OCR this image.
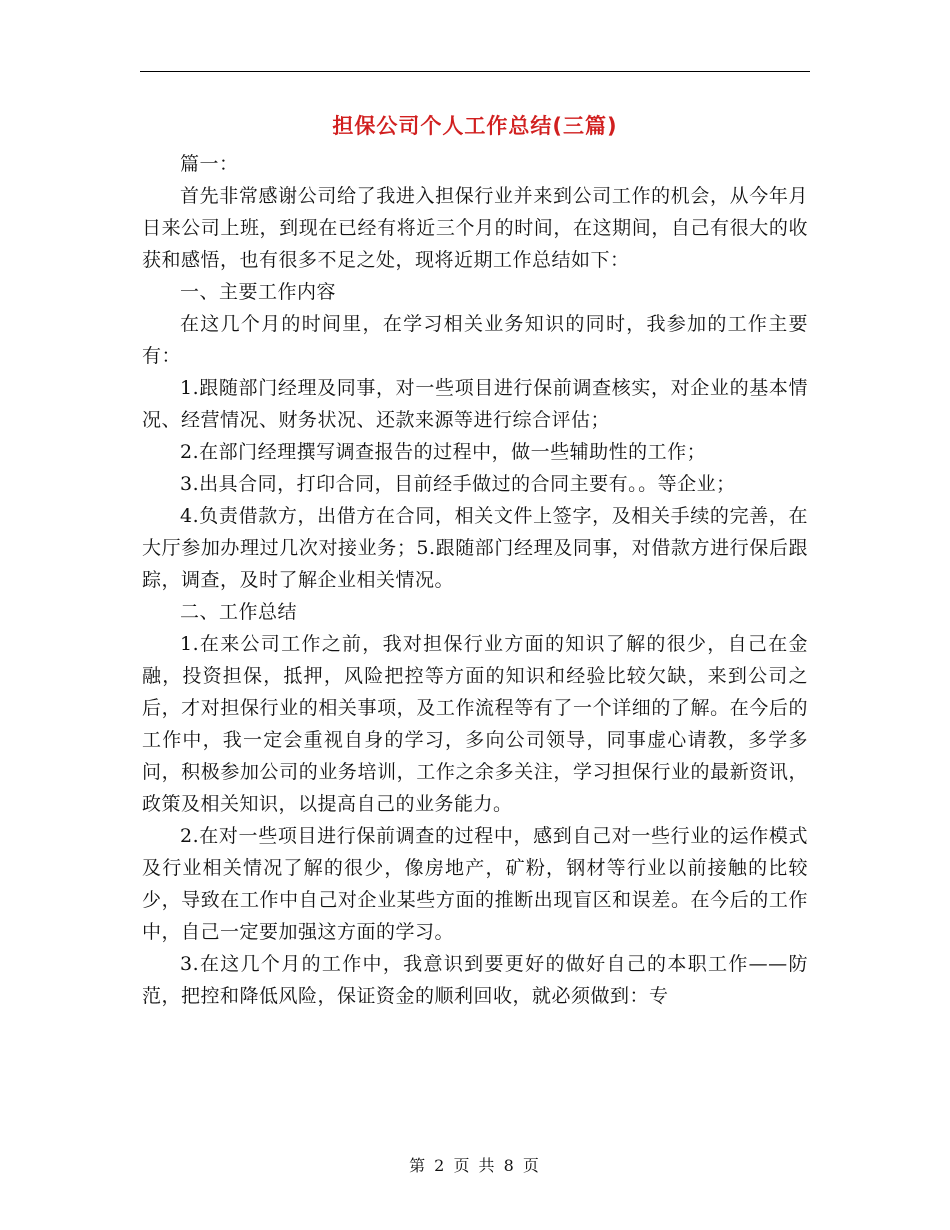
担保公司个人工作总结(三篇)

篇一：

首先非常感谢公司给了我进入担保行业并来到公司工作的机会，从今年月日来公司上班，到现在已经有将近三个月的时间，在这期间，自己有很大的收获和感悟，也有很多不足之处，现将近期工作总结如下：

一、主要工作内容

在这几个月的时间里，在学习相关业务知识的同时，我参加的工作主要有：

1.跟随部门经理及同事，对一些项目进行保前调查核实，对企业的基本情况、经营情况、财务状况、还款来源等进行综合评估；

2.在部门经理撰写调查报告的过程中，做一些辅助性的工作；

3.出具合同，打印合同，目前经手做过的合同主要有。。等企业；

4.负责借款方，出借方在合同，相关文件上签字，及相关手续的完善，在大厅参加办理过几次对接业务；5.跟随部门经理及同事，对借款方进行保后跟踪，调查，及时了解企业相关情况。

二、工作总结

1.在来公司工作之前，我对担保行业方面的知识了解的很少，自己在金融，投资担保，抵押，风险把控等方面的知识和经验比较欠缺，来到公司之后，才对担保行业的相关事项，及工作流程等有了一个详细的了解。在今后的工作中，我一定会重视自身的学习，多向公司领导，同事虚心请教，多学多问，积极参加公司的业务培训，工作之余多关注，学习担保行业的最新资讯，政策及相关知识，以提高自己的业务能力。

2.在对一些项目进行保前调查的过程中，感到自己对一些行业的运作模式及行业相关情况了解的很少，像房地产，矿粉，钢材等行业以前接触的比较少，导致在工作中自己对企业某些方面的推断出现盲区和误差。在今后的工作中，自己一定要加强这方面的学习。

3.在这几个月的工作中，我意识到要更好的做好自己的本职工作——防范，把控和降低风险，保证资金的顺利回收，就必须做到：专

第 2 页 共 8 页
